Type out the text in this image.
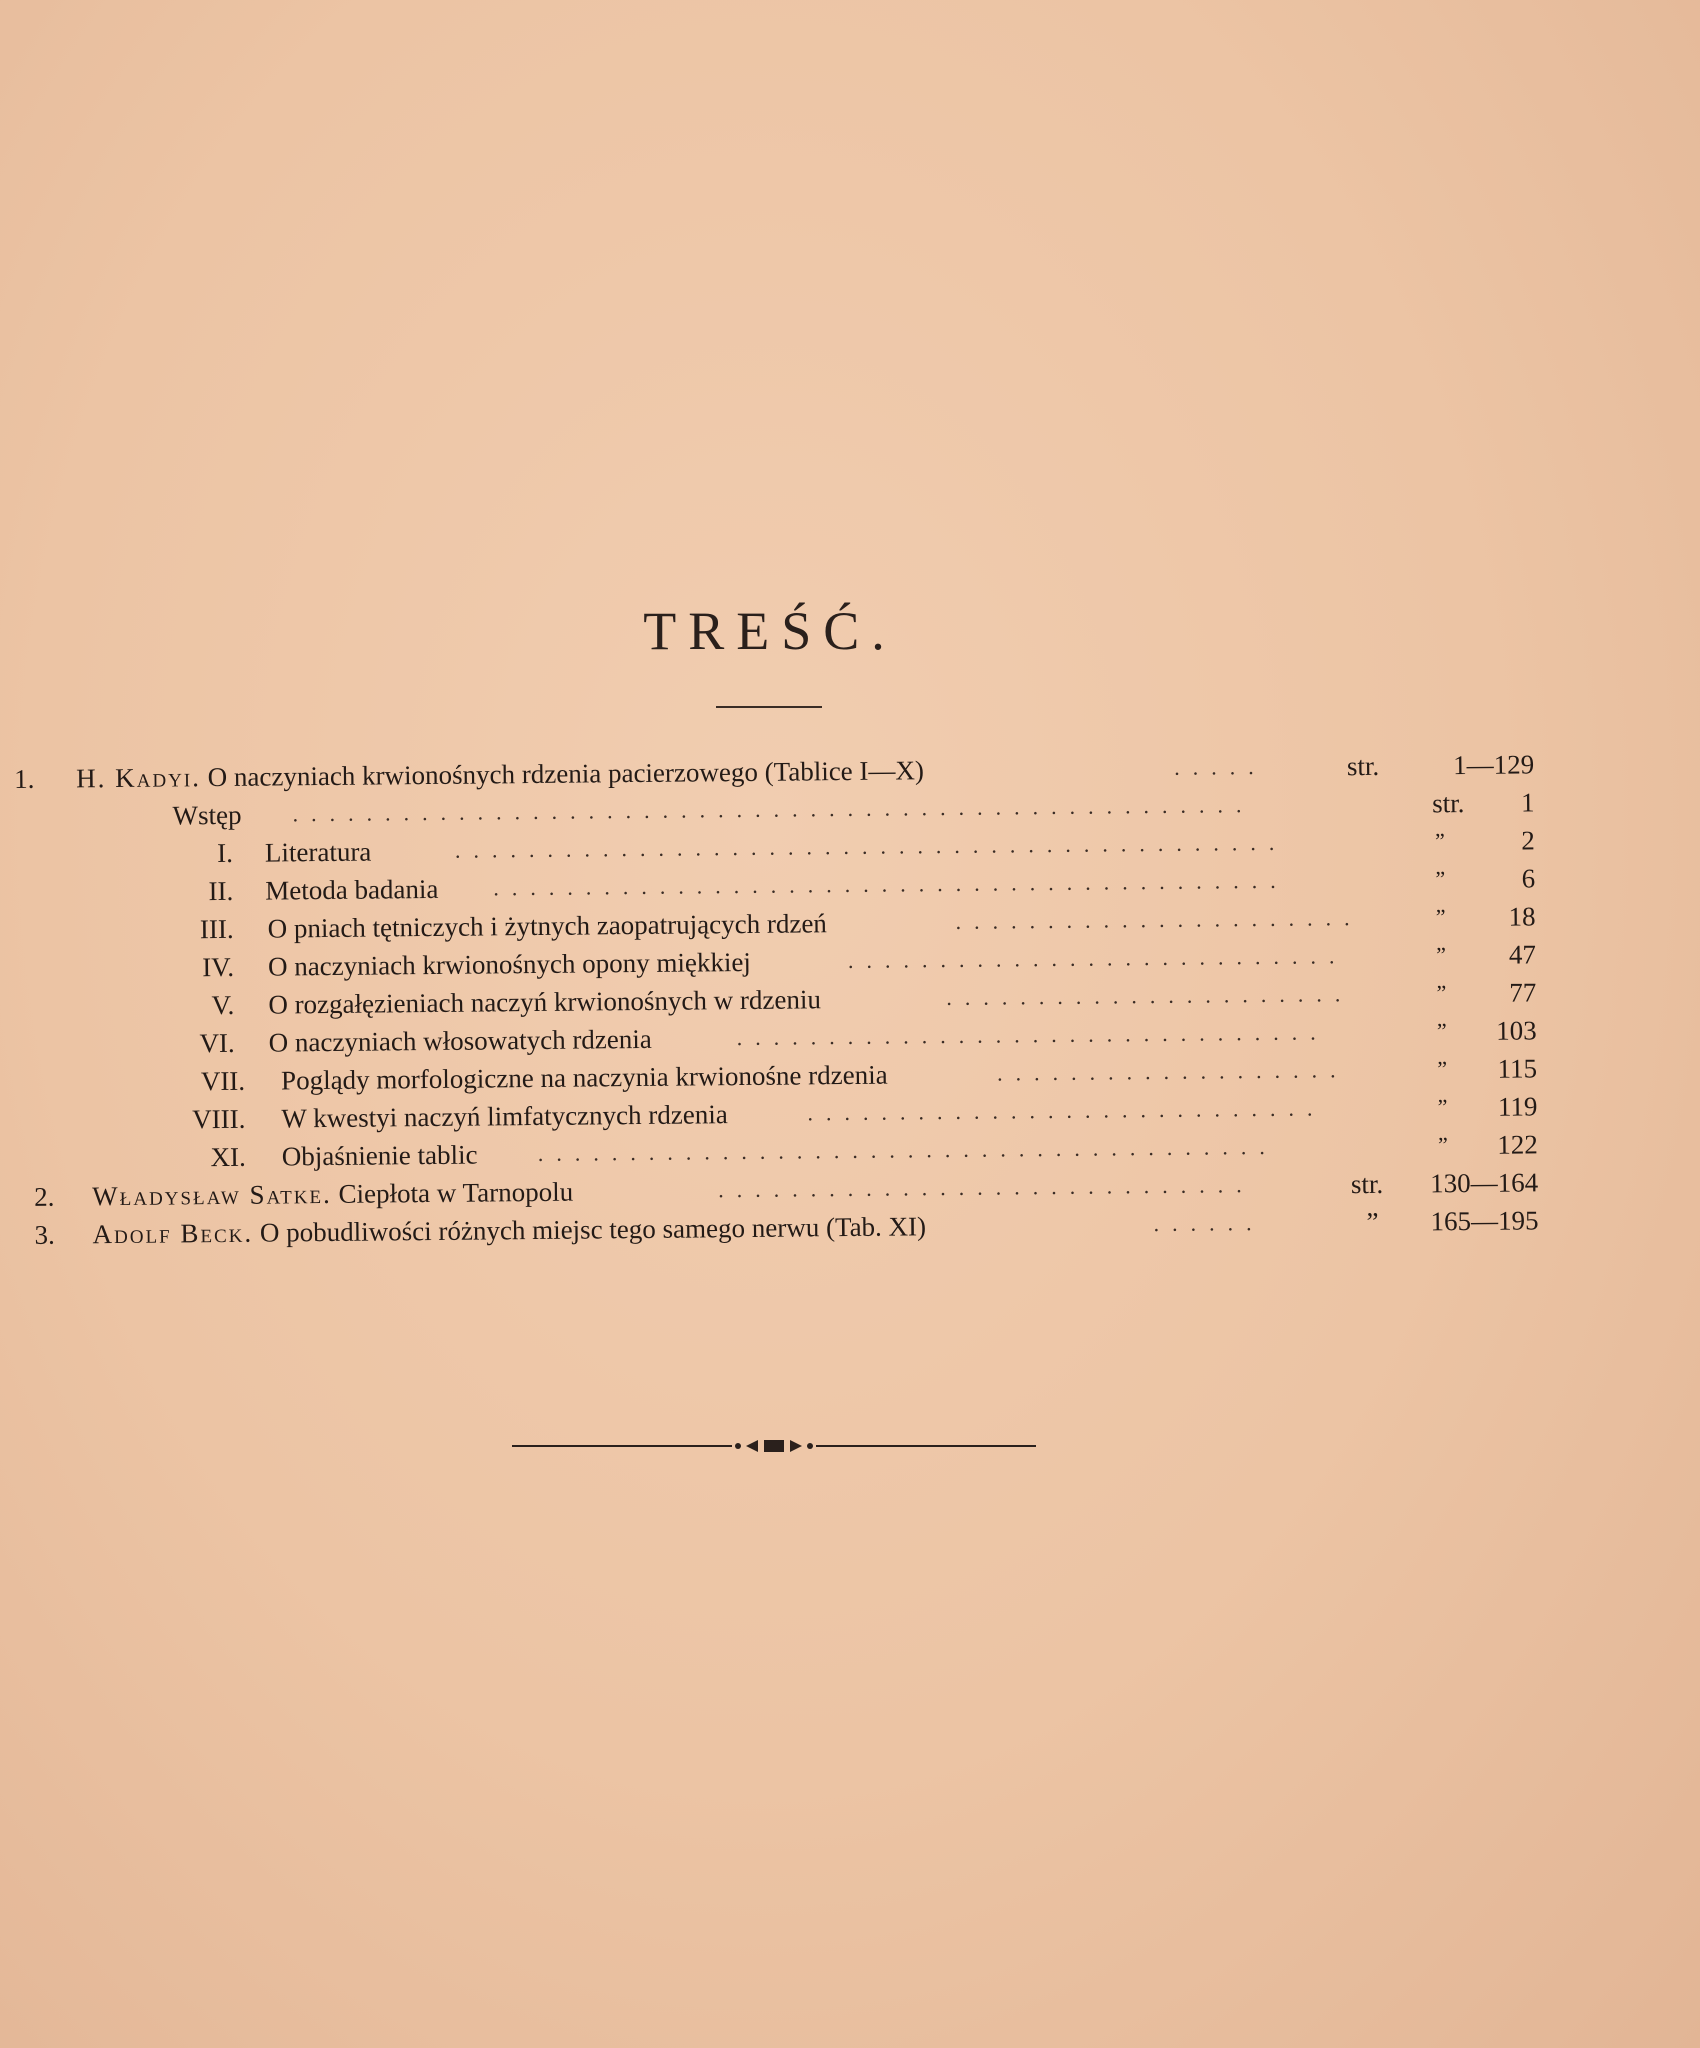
TREŚĆ.
1. H. Kadyi. O naczyniach krwionośnych rdzenia pacierzowego (Tablice I—X)	.....	str.	1—129
Wstęp ....................................................	str. 1
I. Literatura	.............................................	”	2
II. Metoda badania ...........................................	”	6
III. O pniach tętniczych i żytnych zaopatrujących rdzeń	......................	” 18
IV. O naczyniach krwionośnych opony miękkiej	...........................	” 47
V. O rozgałęzieniach naczyń krwionośnych w rdzeniu	......................	” 77
VI. O naczyniach włosowatych rdzenia	................................	” 103
VII. Poglądy morfologiczne na naczynia krwionośne rdzenia	...................	” 115
VIII. W kwestyi naczyń limfatycznych rdzenia	............................	” 119
XI. Objaśnienie tablic	........................................	” 122
2. Władysław Satke. Ciepłota w Tarnopolu	.............................	str. 130—164
3. Adolf Beck. O pobudliwości różnych miejsc tego samego nerwu (Tab. XI)	......	” 165—195
